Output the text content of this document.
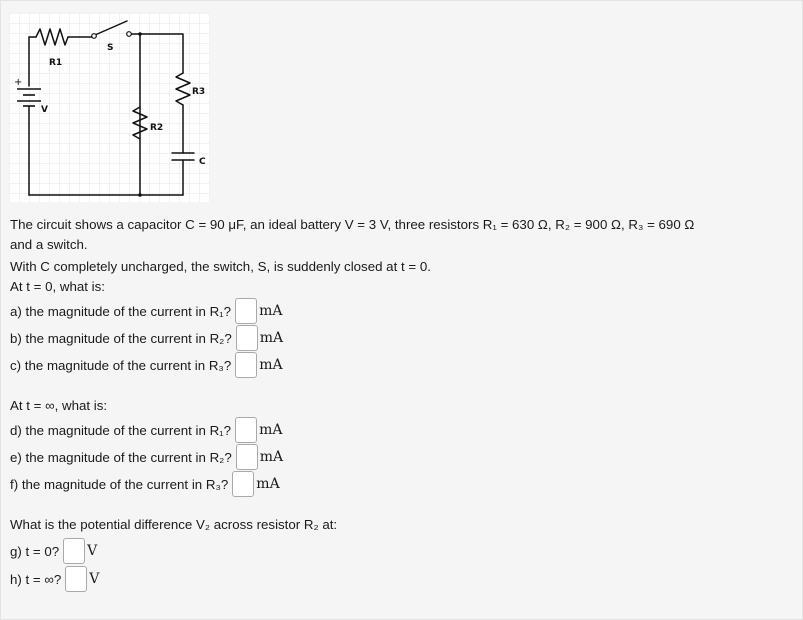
+
R1
S
R3
V
R2
C
The circuit shows a capacitor C = 90 μF, an ideal battery V = 3 V, three resistors R₁ = 630 Ω, R₂ = 900 Ω, R₃ = 690 Ω
and a switch.
With C completely uncharged, the switch, S, is suddenly closed at t = 0.
At t = 0, what is:
a) the magnitude of the current in R₁? mA
b) the magnitude of the current in R₂? mA
c) the magnitude of the current in R₃? mA
At t = ∞, what is:
d) the magnitude of the current in R₁? mA
e) the magnitude of the current in R₂? mA
f) the magnitude of the current in R₃? mA
What is the potential difference V₂ across resistor R₂ at:
g) t = 0? V
h) t = ∞? V
